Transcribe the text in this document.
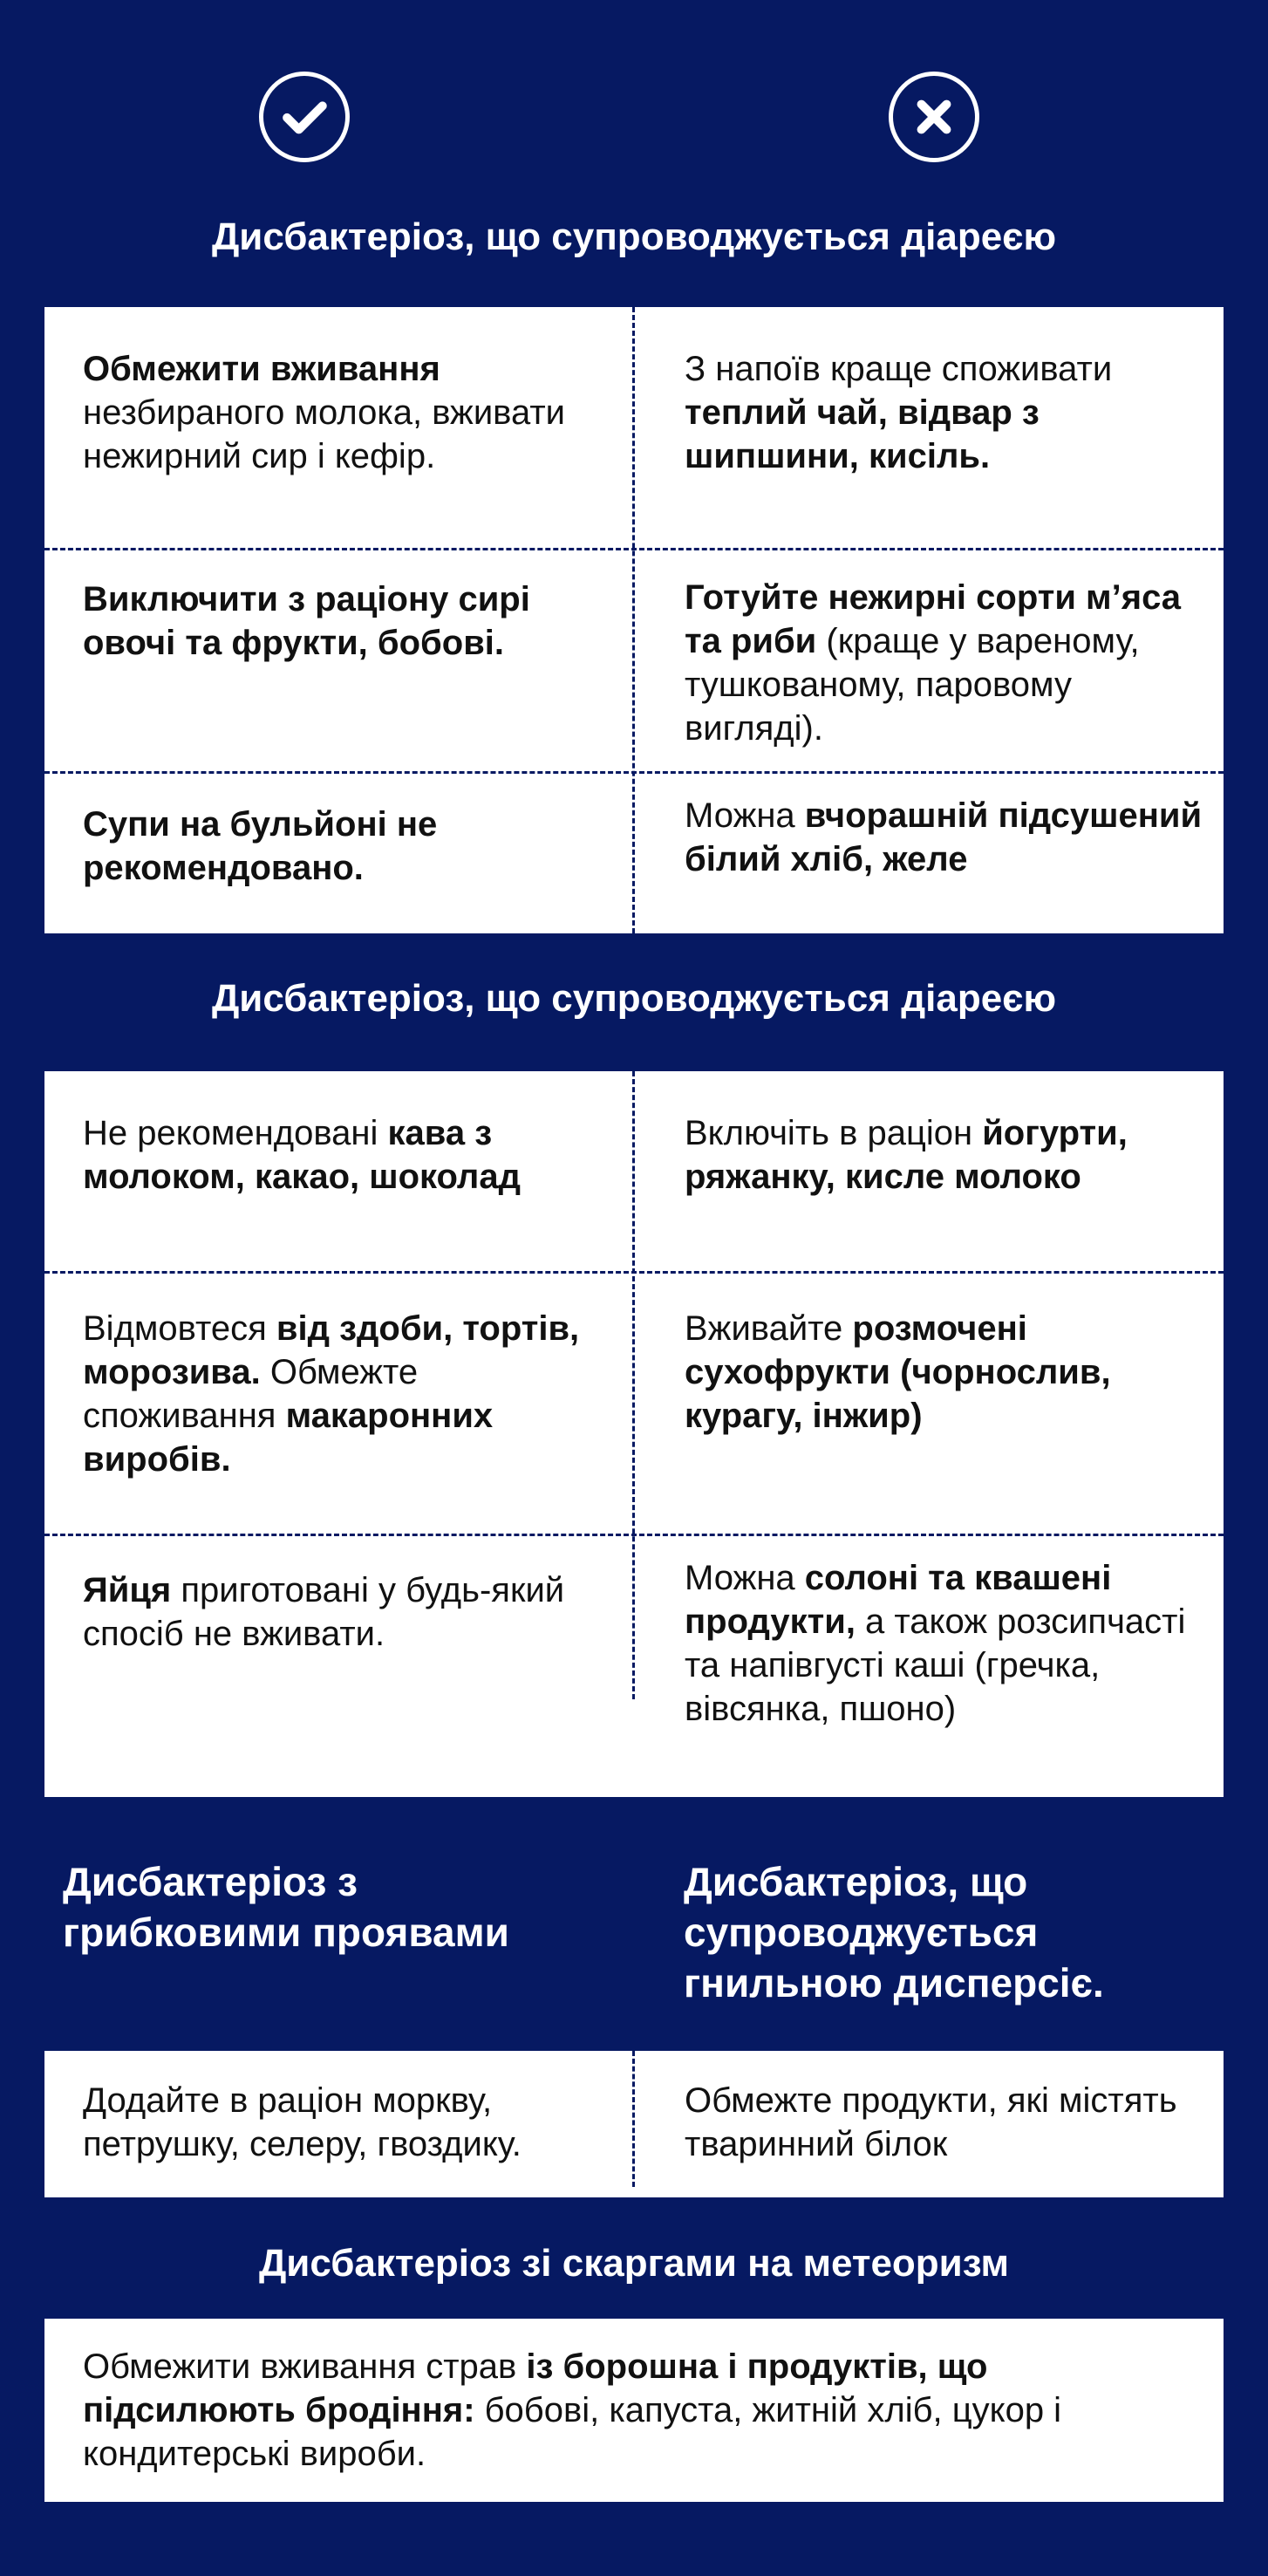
Дисбактеріоз, що супроводжується діареєю
Обмежити вживання незбираного молока, вживати нежирний сир і кефір.
З напоїв краще споживати теплий чай, відвар з шипшини, кисіль.
Виключити з раціону сирі овочі та фрукти, бобові.
Готуйте нежирні сорти м’яса та риби (краще у вареному, тушкованому, паровому вигляді).
Супи на бульйоні не рекомендовано.
Можна вчорашній підсушений білий хліб, желе
Дисбактеріоз, що супроводжується діареєю
Не рекомендовані кава з молоком, какао, шоколад
Включіть в раціон йогурти, ряжанку, кисле молоко
Відмовтеся від здоби, тортів, морозива. Обмежте споживання макаронних виробів.
Вживайте розмочені сухофрукти (чорнослив, курагу, інжир)
Яйця приготовані у будь-який спосіб не вживати.
Можна солоні та квашені продукти, а також розсипчасті та напівгусті каші (гречка, вівсянка, пшоно)
Дисбактеріоз з грибковими проявами
Дисбактеріоз, що супроводжується гнильною дисперсіє.
Додайте в раціон моркву, петрушку, селеру, гвоздику.
Обмежте продукти, які містять тваринний білок
Дисбактеріоз зі скаргами на метеоризм
Обмежити вживання страв із борошна і продуктів, що підсилюють бродіння: бобові, капуста, житній хліб, цукор і кондитерські вироби.
